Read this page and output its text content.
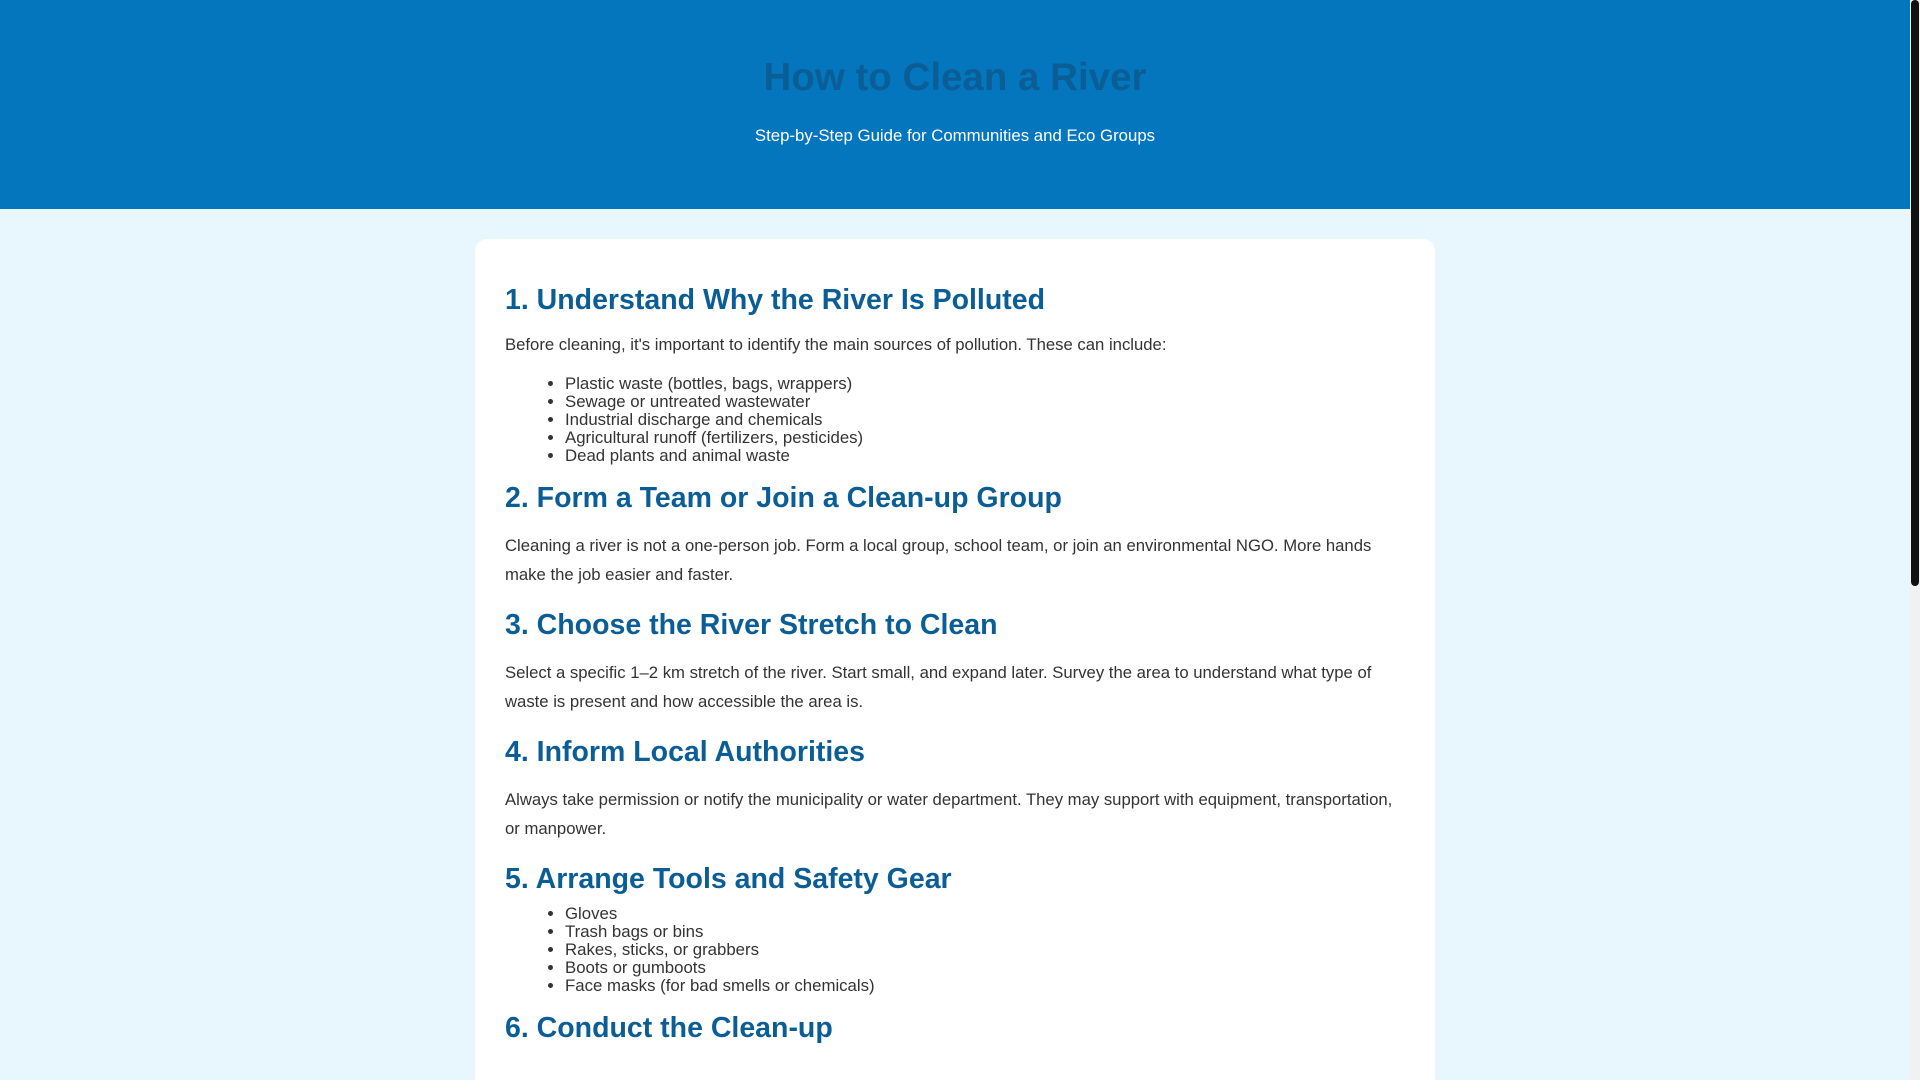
How to Clean a River

Step-by-Step Guide for Communities and Eco Groups

1. Understand Why the River Is Polluted

Before cleaning, it's important to identify the main sources of pollution. These can include:

• Plastic waste (bottles, bags, wrappers)
• Sewage or untreated wastewater
• Industrial discharge and chemicals
• Agricultural runoff (fertilizers, pesticides)
• Dead plants and animal waste
2. Form a Team or Join a Clean-up Group

Cleaning a river is not a one-person job. Form a local group, school team, or join an environmental NGO. More hands make the job easier and faster.

3. Choose the River Stretch to Clean

Select a specific 1–2 km stretch of the river. Start small, and expand later. Survey the area to understand what type of waste is present and how accessible the area is.

4. Inform Local Authorities

Always take permission or notify the municipality or water department. They may support with equipment, transportation, or manpower.

5. Arrange Tools and Safety Gear
• Gloves
• Trash bags or bins
• Rakes, sticks, or grabbers
• Boots or gumboots
• Face masks (for bad smells or chemicals)
6. Conduct the Clean-up
